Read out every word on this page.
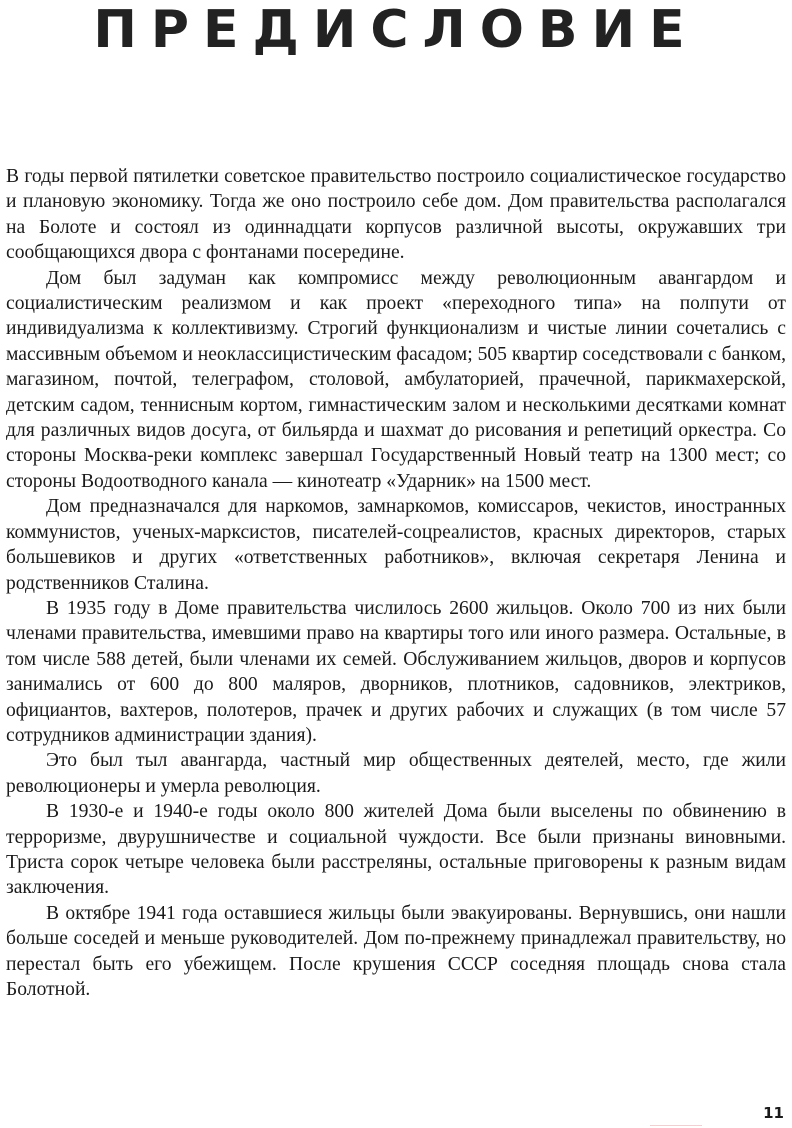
ПРЕДИСЛОВИЕ

В годы первой пятилетки советское правительство построило социалистическое государство и плановую экономику. Тогда же оно построило себе дом. Дом правительства располагался на Болоте и состоял из одиннадцати корпусов различной высоты, окружавших три сообщающихся двора с фонтанами посередине.

Дом был задуман как компромисс между революционным авангардом и социалистическим реализмом и как проект «переходного типа» на полпути от индивидуализма к коллективизму. Строгий функционализм и чистые линии сочетались с массивным объемом и неоклассицистическим фасадом; 505 квартир соседствовали с банком, магазином, почтой, телеграфом, столовой, амбулаторией, прачечной, парикмахерской, детским садом, теннисным кортом, гимнастическим залом и несколькими десятками комнат для различных видов досуга, от бильярда и шахмат до рисования и репетиций оркестра. Со стороны Москва-реки комплекс завершал Государственный Новый театр на 1300 мест; со стороны Водоотводного канала — кинотеатр «Ударник» на 1500 мест.

Дом предназначался для наркомов, замнаркомов, комиссаров, чекистов, иностранных коммунистов, ученых-марксистов, писателей-соцреалистов, красных директоров, старых большевиков и других «ответственных работников», включая секретаря Ленина и родственников Сталина.

В 1935 году в Доме правительства числилось 2600 жильцов. Около 700 из них были членами правительства, имевшими право на квартиры того или иного размера. Остальные, в том числе 588 детей, были членами их семей. Обслуживанием жильцов, дворов и корпусов занимались от 600 до 800 маляров, дворников, плотников, садовников, электриков, официантов, вахтеров, полотеров, прачек и других рабочих и служащих (в том числе 57 сотрудников администрации здания).

Это был тыл авангарда, частный мир общественных деятелей, место, где жили революционеры и умерла революция.

В 1930-е и 1940-е годы около 800 жителей Дома были выселены по обвинению в терроризме, двурушничестве и социальной чуждости. Все были признаны виновными. Триста сорок четыре человека были расстреляны, остальные приговорены к разным видам заключения.

В октябре 1941 года оставшиеся жильцы были эвакуированы. Вернувшись, они нашли больше соседей и меньше руководителей. Дом по-прежнему принадлежал правительству, но перестал быть его убежищем. После крушения СССР соседняя площадь снова стала Болотной.

11
